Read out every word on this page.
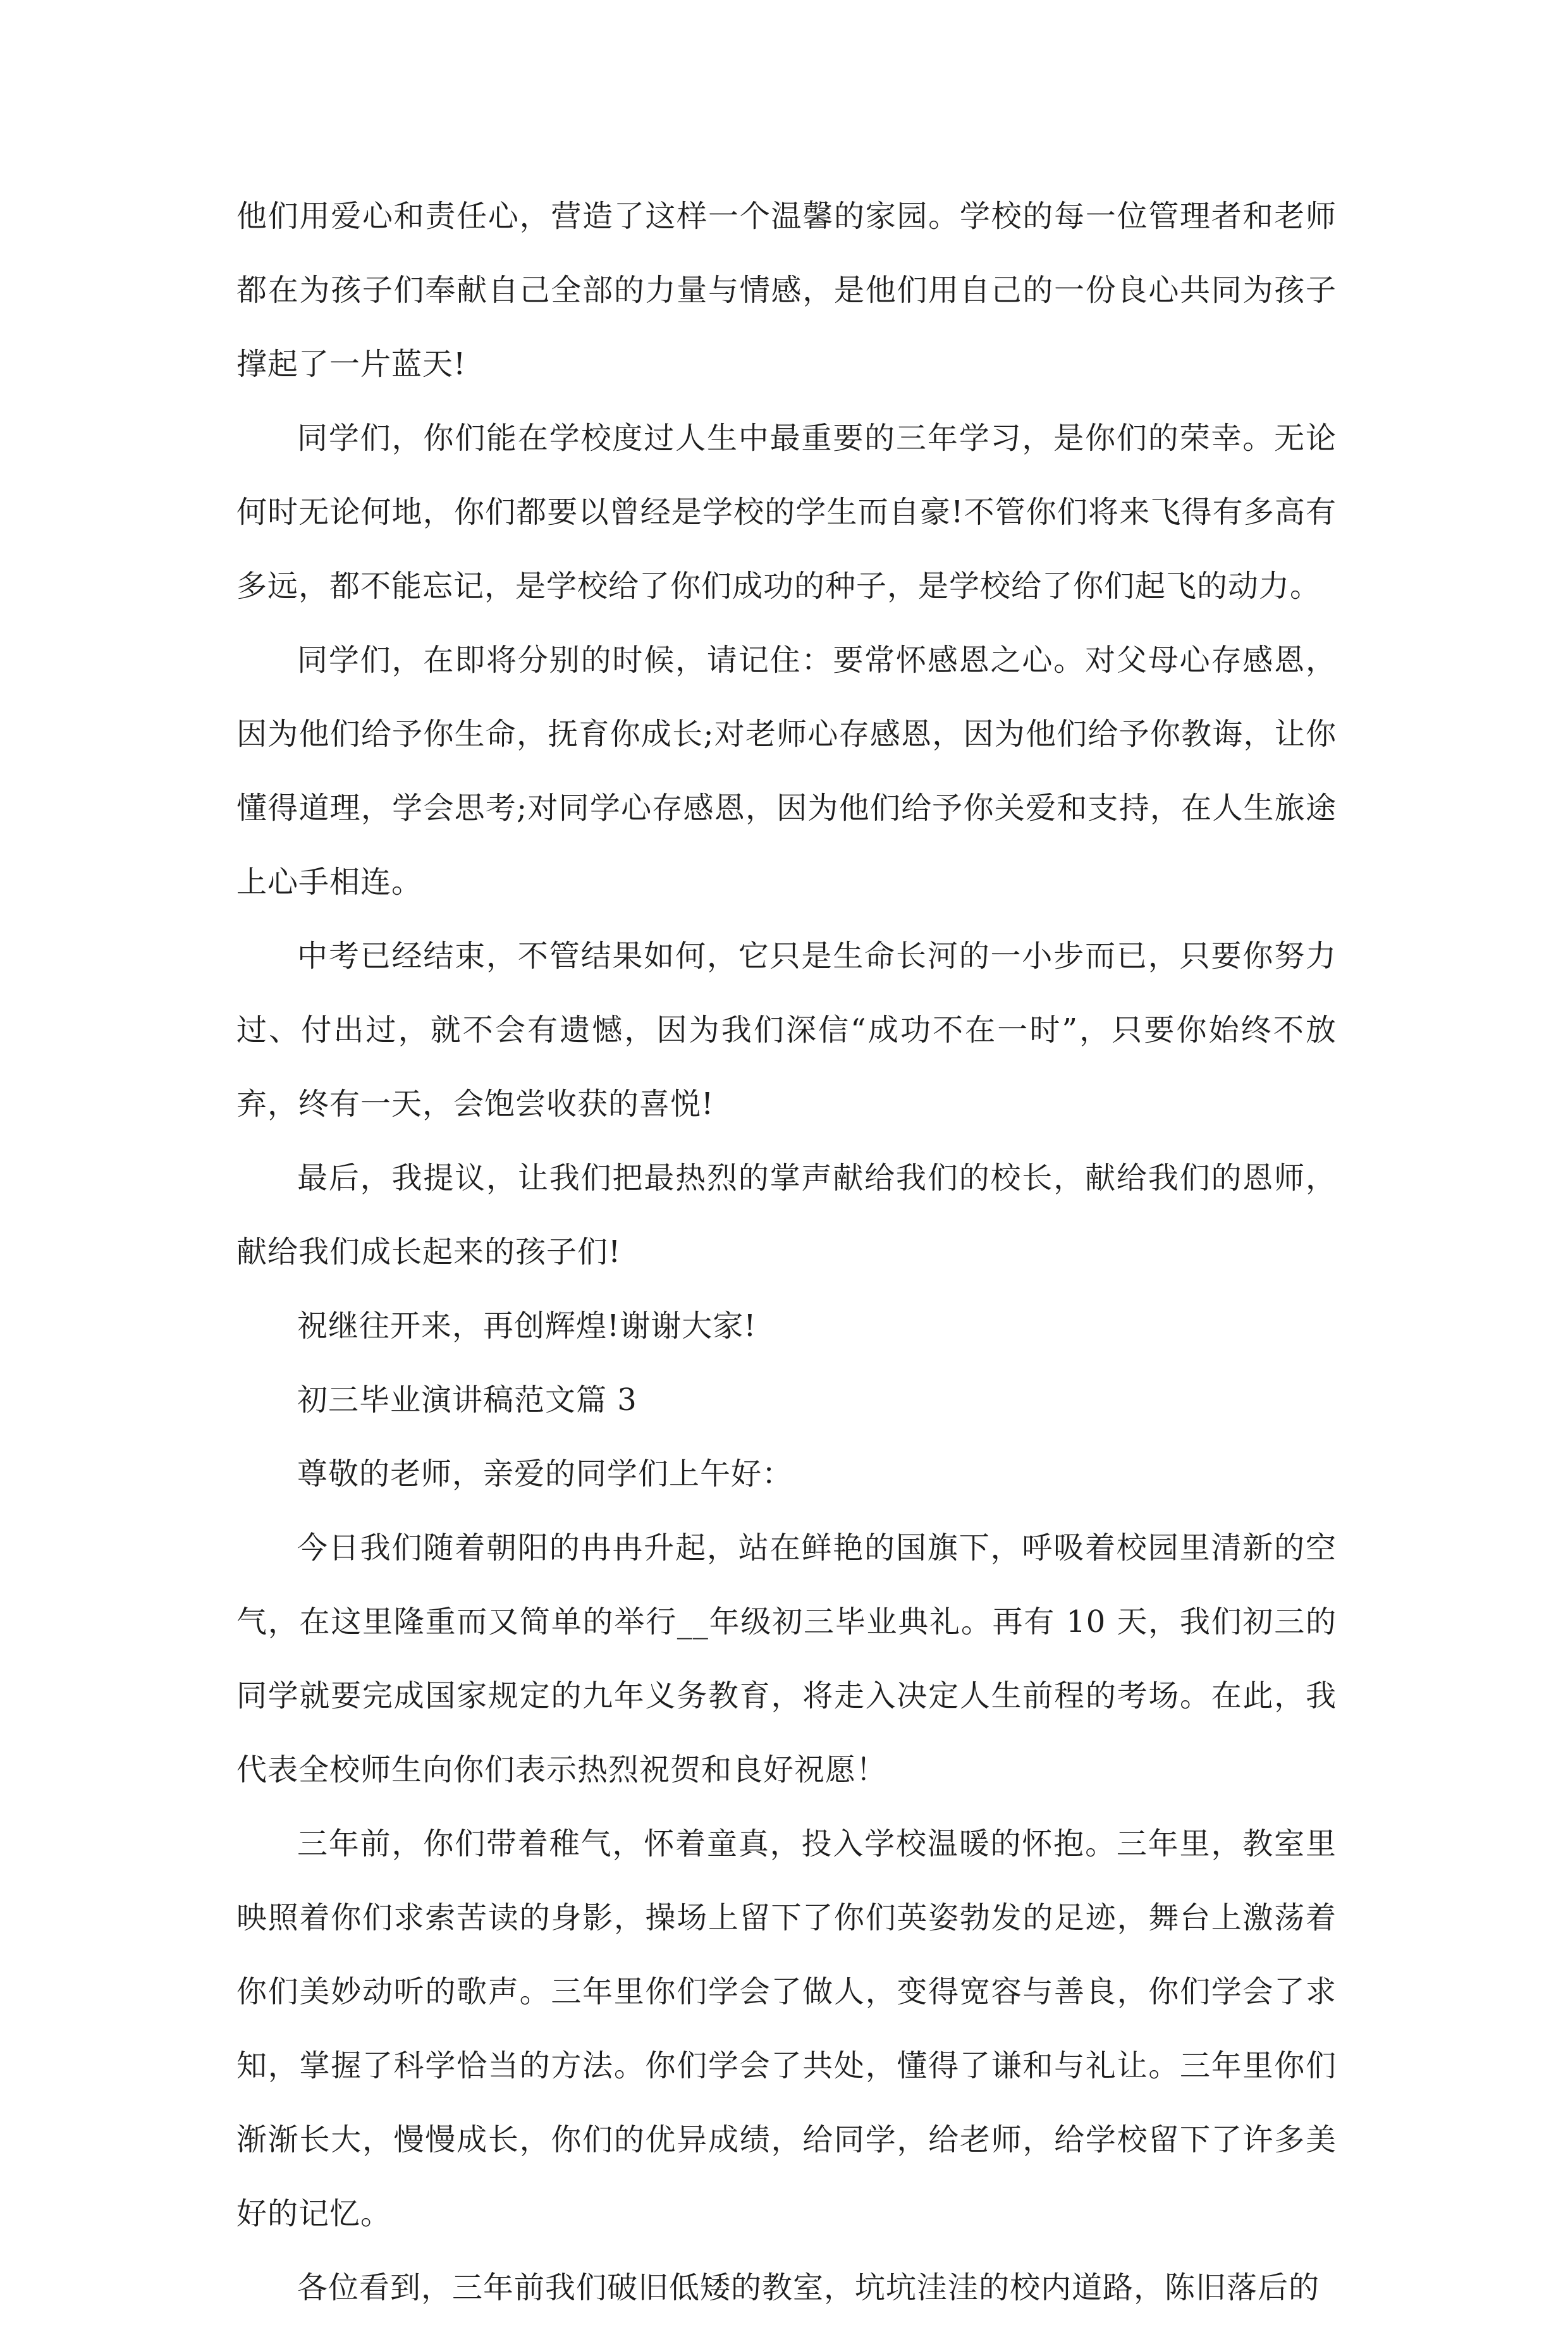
他们用爱心和责任心，营造了这样一个温馨的家园。学校的每一位管理者和老师都在为孩子们奉献自己全部的力量与情感，是他们用自己的一份良心共同为孩子撑起了一片蓝天!

同学们，你们能在学校度过人生中最重要的三年学习，是你们的荣幸。无论何时无论何地，你们都要以曾经是学校的学生而自豪!不管你们将来飞得有多高有多远，都不能忘记，是学校给了你们成功的种子，是学校给了你们起飞的动力。

同学们，在即将分别的时候，请记住：要常怀感恩之心。对父母心存感恩，因为他们给予你生命，抚育你成长;对老师心存感恩，因为他们给予你教诲，让你懂得道理，学会思考;对同学心存感恩，因为他们给予你关爱和支持，在人生旅途上心手相连。

中考已经结束，不管结果如何，它只是生命长河的一小步而已，只要你努力过、付出过，就不会有遗憾，因为我们深信“成功不在一时”，只要你始终不放弃，终有一天，会饱尝收获的喜悦!

最后，我提议，让我们把最热烈的掌声献给我们的校长，献给我们的恩师，献给我们成长起来的孩子们!

祝继往开来，再创辉煌!谢谢大家!

初三毕业演讲稿范文篇 3

尊敬的老师，亲爱的同学们上午好：

今日我们随着朝阳的冉冉升起，站在鲜艳的国旗下，呼吸着校园里清新的空气，在这里隆重而又简单的举行__年级初三毕业典礼。再有 10 天，我们初三的同学就要完成国家规定的九年义务教育，将走入决定人生前程的考场。在此，我代表全校师生向你们表示热烈祝贺和良好祝愿！

三年前，你们带着稚气，怀着童真，投入学校温暖的怀抱。三年里，教室里映照着你们求索苦读的身影，操场上留下了你们英姿勃发的足迹，舞台上激荡着你们美妙动听的歌声。三年里你们学会了做人，变得宽容与善良，你们学会了求知，掌握了科学恰当的方法。你们学会了共处，懂得了谦和与礼让。三年里你们渐渐长大，慢慢成长，你们的优异成绩，给同学，给老师，给学校留下了许多美好的记忆。

各位看到，三年前我们破旧低矮的教室，坑坑洼洼的校内道路，陈旧落后的
